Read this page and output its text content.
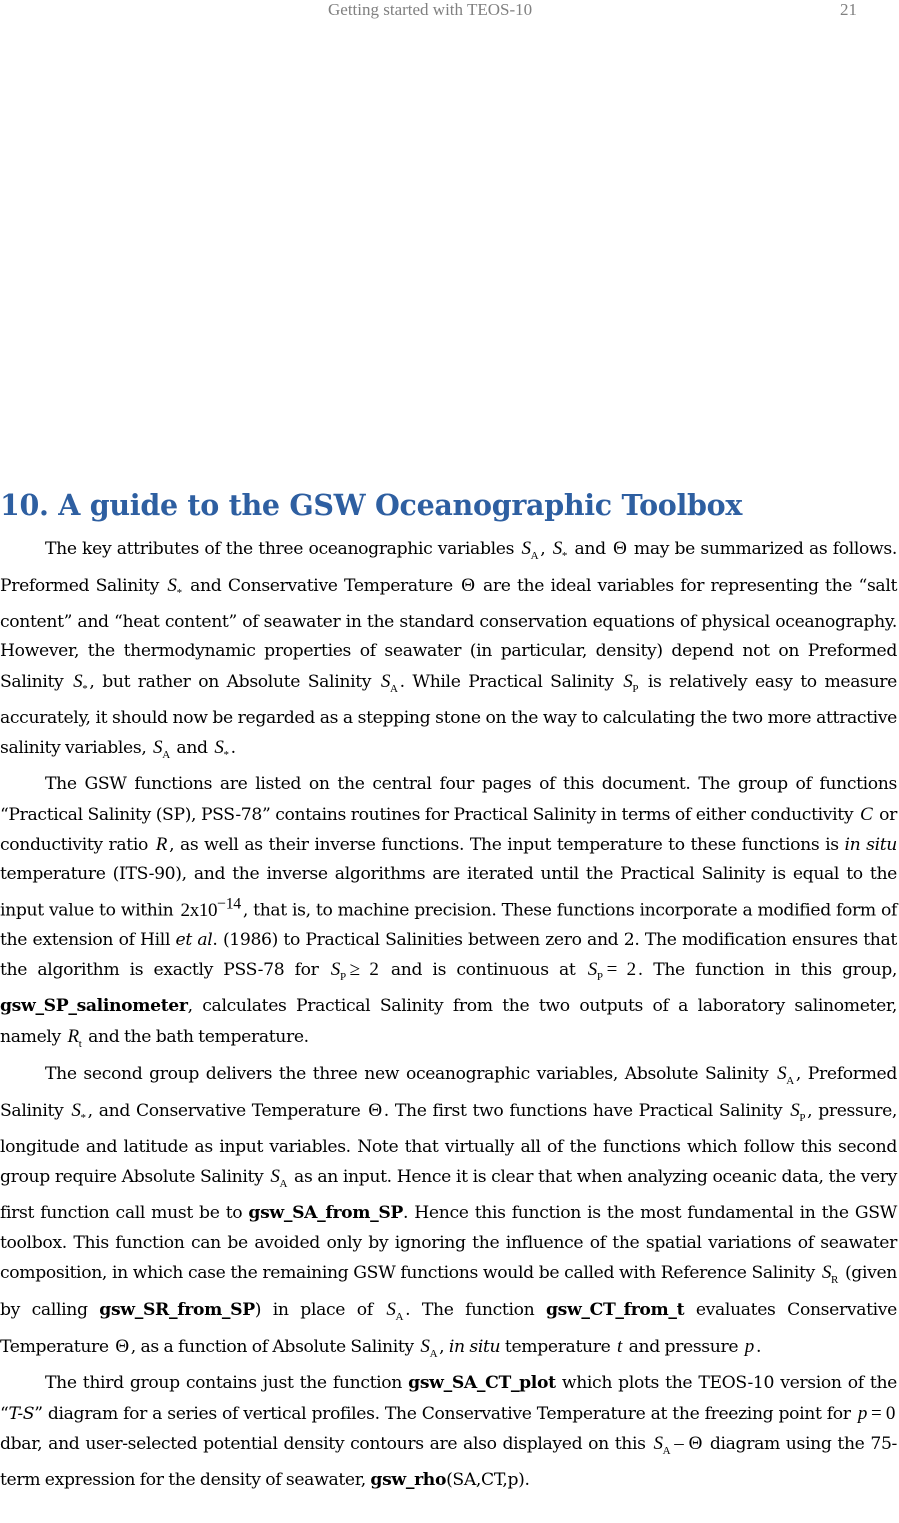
Getting started with TEOS-10	21
10. A guide to the GSW Oceanographic Toolbox

The key attributes of the three oceanographic variables $S_A$ , $S_*$ and Θ may be summarized as follows. Preformed Salinity $S_*$ and Conservative Temperature Θ are the ideal variables for representing the “salt content” and “heat content” of seawater in the standard conservation equations of physical oceanography. However, the thermodynamic properties of seawater (in particular, density) depend not on Preformed Salinity $S_*$ , but rather on Absolute Salinity $S_A$ . While Practical Salinity $S_P$ is relatively easy to measure accurately, it should now be regarded as a stepping stone on the way to calculating the two more attractive salinity variables, $S_A$ and $S_*$ .

The GSW functions are listed on the central four pages of this document. The group of functions “Practical Salinity (SP), PSS-78” contains routines for Practical Salinity in terms of either conductivity C or conductivity ratio R , as well as their inverse functions. The input temperature to these functions is in situ temperature (ITS-90), and the inverse algorithms are iterated until the Practical Salinity is equal to the input value to within $2x10^{-14}$ , that is, to machine precision. These functions incorporate a modified form of the extension of Hill et al. (1986) to Practical Salinities between zero and 2. The modification ensures that the algorithm is exactly PSS-78 for $S_P \ge 2$ and is continuous at $S_P = 2$ . The function in this group, gsw_SP_salinometer, calculates Practical Salinity from the two outputs of a laboratory salinometer, namely $R_t$ and the bath temperature.

The second group delivers the three new oceanographic variables, Absolute Salinity $S_A$ , Preformed Salinity $S_*$ , and Conservative Temperature Θ . The first two functions have Practical Salinity $S_P$ , pressure, longitude and latitude as input variables. Note that virtually all of the functions which follow this second group require Absolute Salinity $S_A$ as an input. Hence it is clear that when analyzing oceanic data, the very first function call must be to gsw_SA_from_SP. Hence this function is the most fundamental in the GSW toolbox. This function can be avoided only by ignoring the influence of the spatial variations of seawater composition, in which case the remaining GSW functions would be called with Reference Salinity $S_R$ (given by calling gsw_SR_from_SP) in place of $S_A$ . The function gsw_CT_from_t evaluates Conservative Temperature Θ , as a function of Absolute Salinity $S_A$ , in situ temperature t and pressure p .

The third group contains just the function gsw_SA_CT_plot which plots the TEOS-10 version of the “T-S” diagram for a series of vertical profiles. The Conservative Temperature at the freezing point for p = 0 dbar, and user-selected potential density contours are also displayed on this $S_A$ – Θ diagram using the 75-term expression for the density of seawater, gsw_rho(SA,CT,p).
